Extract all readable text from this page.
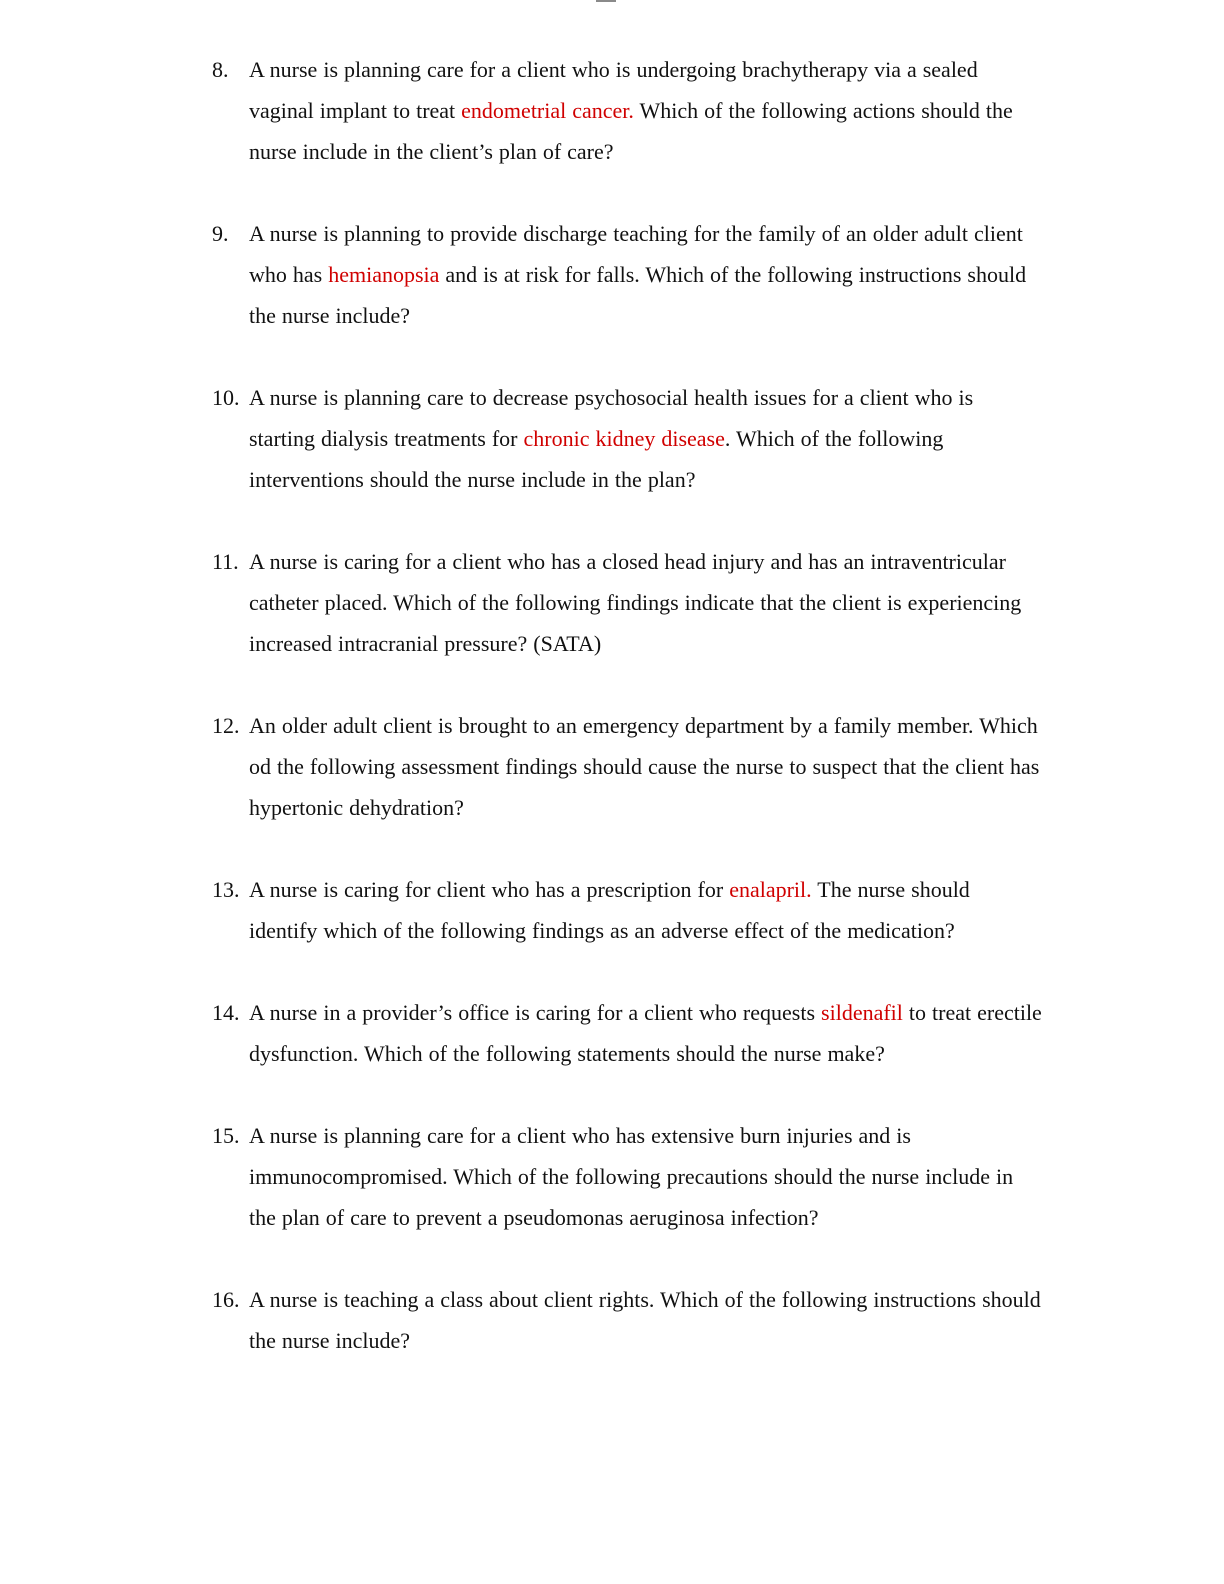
8. A nurse is planning care for a client who is undergoing brachytherapy via a sealed vaginal implant to treat endometrial cancer. Which of the following actions should the nurse include in the client’s plan of care?
9. A nurse is planning to provide discharge teaching for the family of an older adult client who has hemianopsia and is at risk for falls. Which of the following instructions should the nurse include?
10. A nurse is planning care to decrease psychosocial health issues for a client who is starting dialysis treatments for chronic kidney disease. Which of the following interventions should the nurse include in the plan?
11. A nurse is caring for a client who has a closed head injury and has an intraventricular catheter placed. Which of the following findings indicate that the client is experiencing increased intracranial pressure? (SATA)
12. An older adult client is brought to an emergency department by a family member. Which od the following assessment findings should cause the nurse to suspect that the client has hypertonic dehydration?
13. A nurse is caring for client who has a prescription for enalapril. The nurse should identify which of the following findings as an adverse effect of the medication?
14. A nurse in a provider’s office is caring for a client who requests sildenafil to treat erectile dysfunction. Which of the following statements should the nurse make?
15. A nurse is planning care for a client who has extensive burn injuries and is immunocompromised. Which of the following precautions should the nurse include in the plan of care to prevent a pseudomonas aeruginosa infection?
16. A nurse is teaching a class about client rights. Which of the following instructions should the nurse include?
